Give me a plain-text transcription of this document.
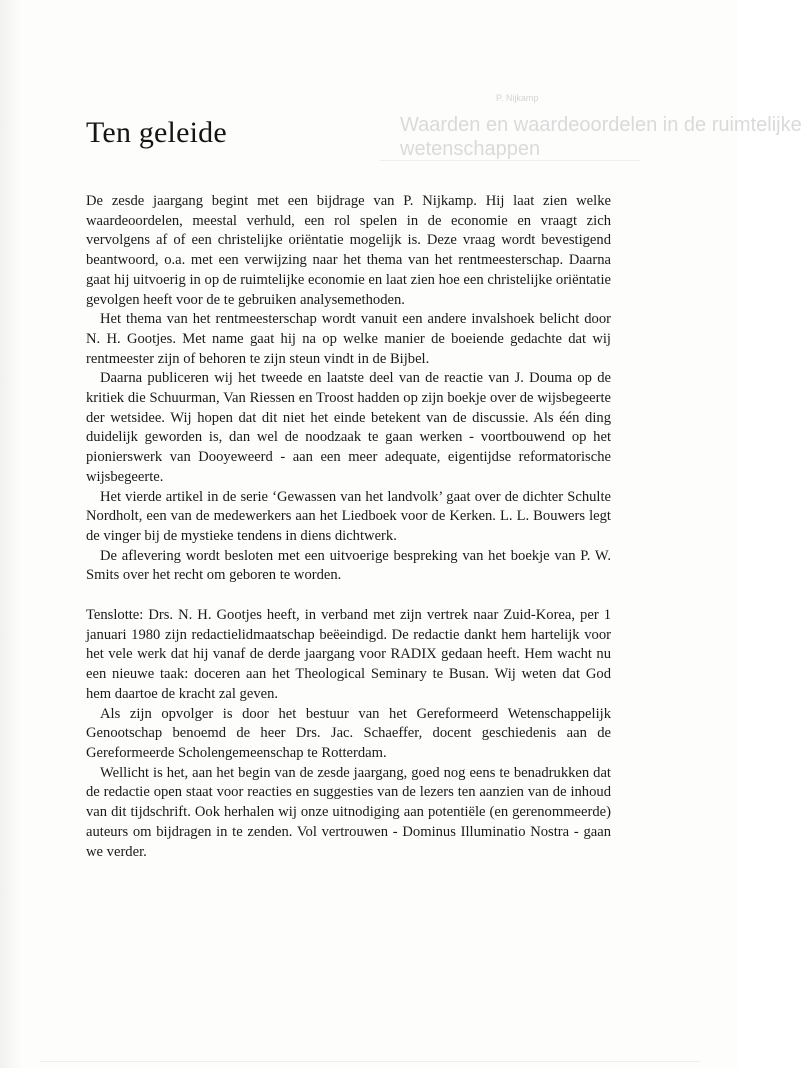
P. Nijkamp
Waarden en waardeoordelen in de ruimtelijke
wetenschappen
Ten geleide

De zesde jaargang begint met een bijdrage van P. Nijkamp. Hij laat zien welke waardeoordelen, meestal verhuld, een rol spelen in de economie en vraagt zich vervolgens af of een christelijke oriëntatie mogelijk is. Deze vraag wordt bevestigend beantwoord, o.a. met een verwijzing naar het thema van het rentmeesterschap. Daarna gaat hij uitvoerig in op de ruimtelijke economie en laat zien hoe een christelijke oriëntatie gevolgen heeft voor de te gebruiken analysemethoden.

Het thema van het rentmeesterschap wordt vanuit een andere invalshoek belicht door N. H. Gootjes. Met name gaat hij na op welke manier de boeiende gedachte dat wij rentmeester zijn of behoren te zijn steun vindt in de Bijbel.

Daarna publiceren wij het tweede en laatste deel van de reactie van J. Douma op de kritiek die Schuurman, Van Riessen en Troost hadden op zijn boekje over de wijsbegeerte der wetsidee. Wij hopen dat dit niet het einde betekent van de discussie. Als één ding duidelijk geworden is, dan wel de noodzaak te gaan werken - voortbouwend op het pionierswerk van Dooyeweerd - aan een meer adequate, eigentijdse reformatorische wijsbegeerte.

Het vierde artikel in de serie ‘Gewassen van het landvolk’ gaat over de dichter Schulte Nordholt, een van de medewerkers aan het Liedboek voor de Kerken. L. L. Bouwers legt de vinger bij de mystieke tendens in diens dichtwerk.

De aflevering wordt besloten met een uitvoerige bespreking van het boekje van P. W. Smits over het recht om geboren te worden.

Tenslotte: Drs. N. H. Gootjes heeft, in verband met zijn vertrek naar Zuid-Korea, per 1 januari 1980 zijn redactielidmaatschap beëeindigd. De redactie dankt hem hartelijk voor het vele werk dat hij vanaf de derde jaargang voor RADIX gedaan heeft. Hem wacht nu een nieuwe taak: doceren aan het Theological Seminary te Busan. Wij weten dat God hem daartoe de kracht zal geven.

Als zijn opvolger is door het bestuur van het Gereformeerd Wetenschappelijk Genootschap benoemd de heer Drs. Jac. Schaeffer, docent geschiedenis aan de Gereformeerde Scholengemeenschap te Rotterdam.

Wellicht is het, aan het begin van de zesde jaargang, goed nog eens te benadrukken dat de redactie open staat voor reacties en suggesties van de lezers ten aanzien van de inhoud van dit tijdschrift. Ook herhalen wij onze uitnodiging aan potentiële (en gerenommeerde) auteurs om bijdragen in te zenden. Vol vertrouwen - Dominus Illuminatio Nostra - gaan we verder.
